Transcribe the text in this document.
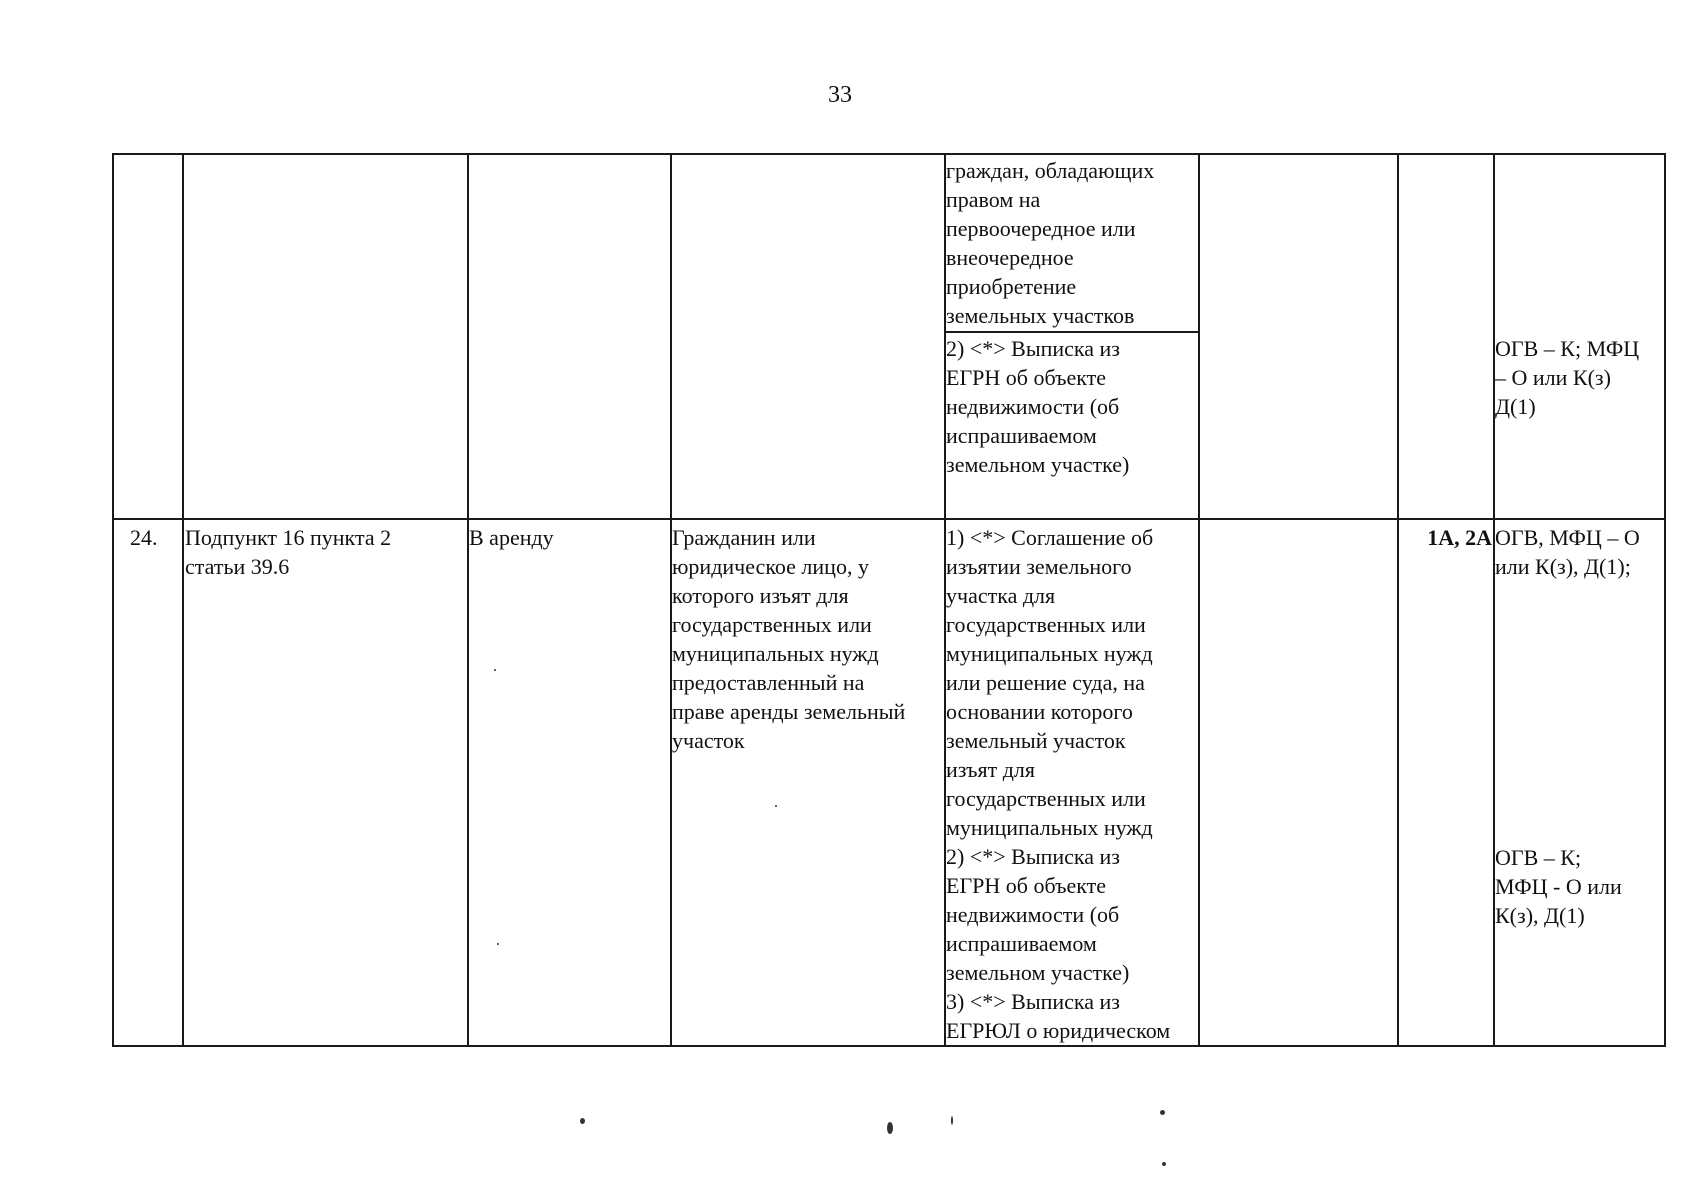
33
граждан, обладающих
правом на
первоочередное или
внеочередное
приобретение
земельных участков
2) <*> Выписка из
ЕГРН об объекте
недвижимости (об
испрашиваемом
земельном участке)
ОГВ – К; МФЦ
– О или К(з)
Д(1)
24. Подпункт 16 пункта 2
статьи 39.6
В аренду	Гражданин или
юридическое лицо, у
которого изъят для
государственных или
муниципальных нужд
предоставленный на
праве аренды земельный
участок
1) <*> Соглашение об
изъятии земельного
участка для
государственных или
муниципальных нужд
или решение суда, на
основании которого
земельный участок
изъят для
государственных или
муниципальных нужд
2) <*> Выписка из
ЕГРН об объекте
недвижимости (об
испрашиваемом
земельном участке)
3) <*> Выписка из
ЕГРЮЛ о юридическом
1А, 2А ОГВ, МФЦ – О
или К(з), Д(1);
ОГВ – К;
МФЦ - О или
К(з), Д(1)
